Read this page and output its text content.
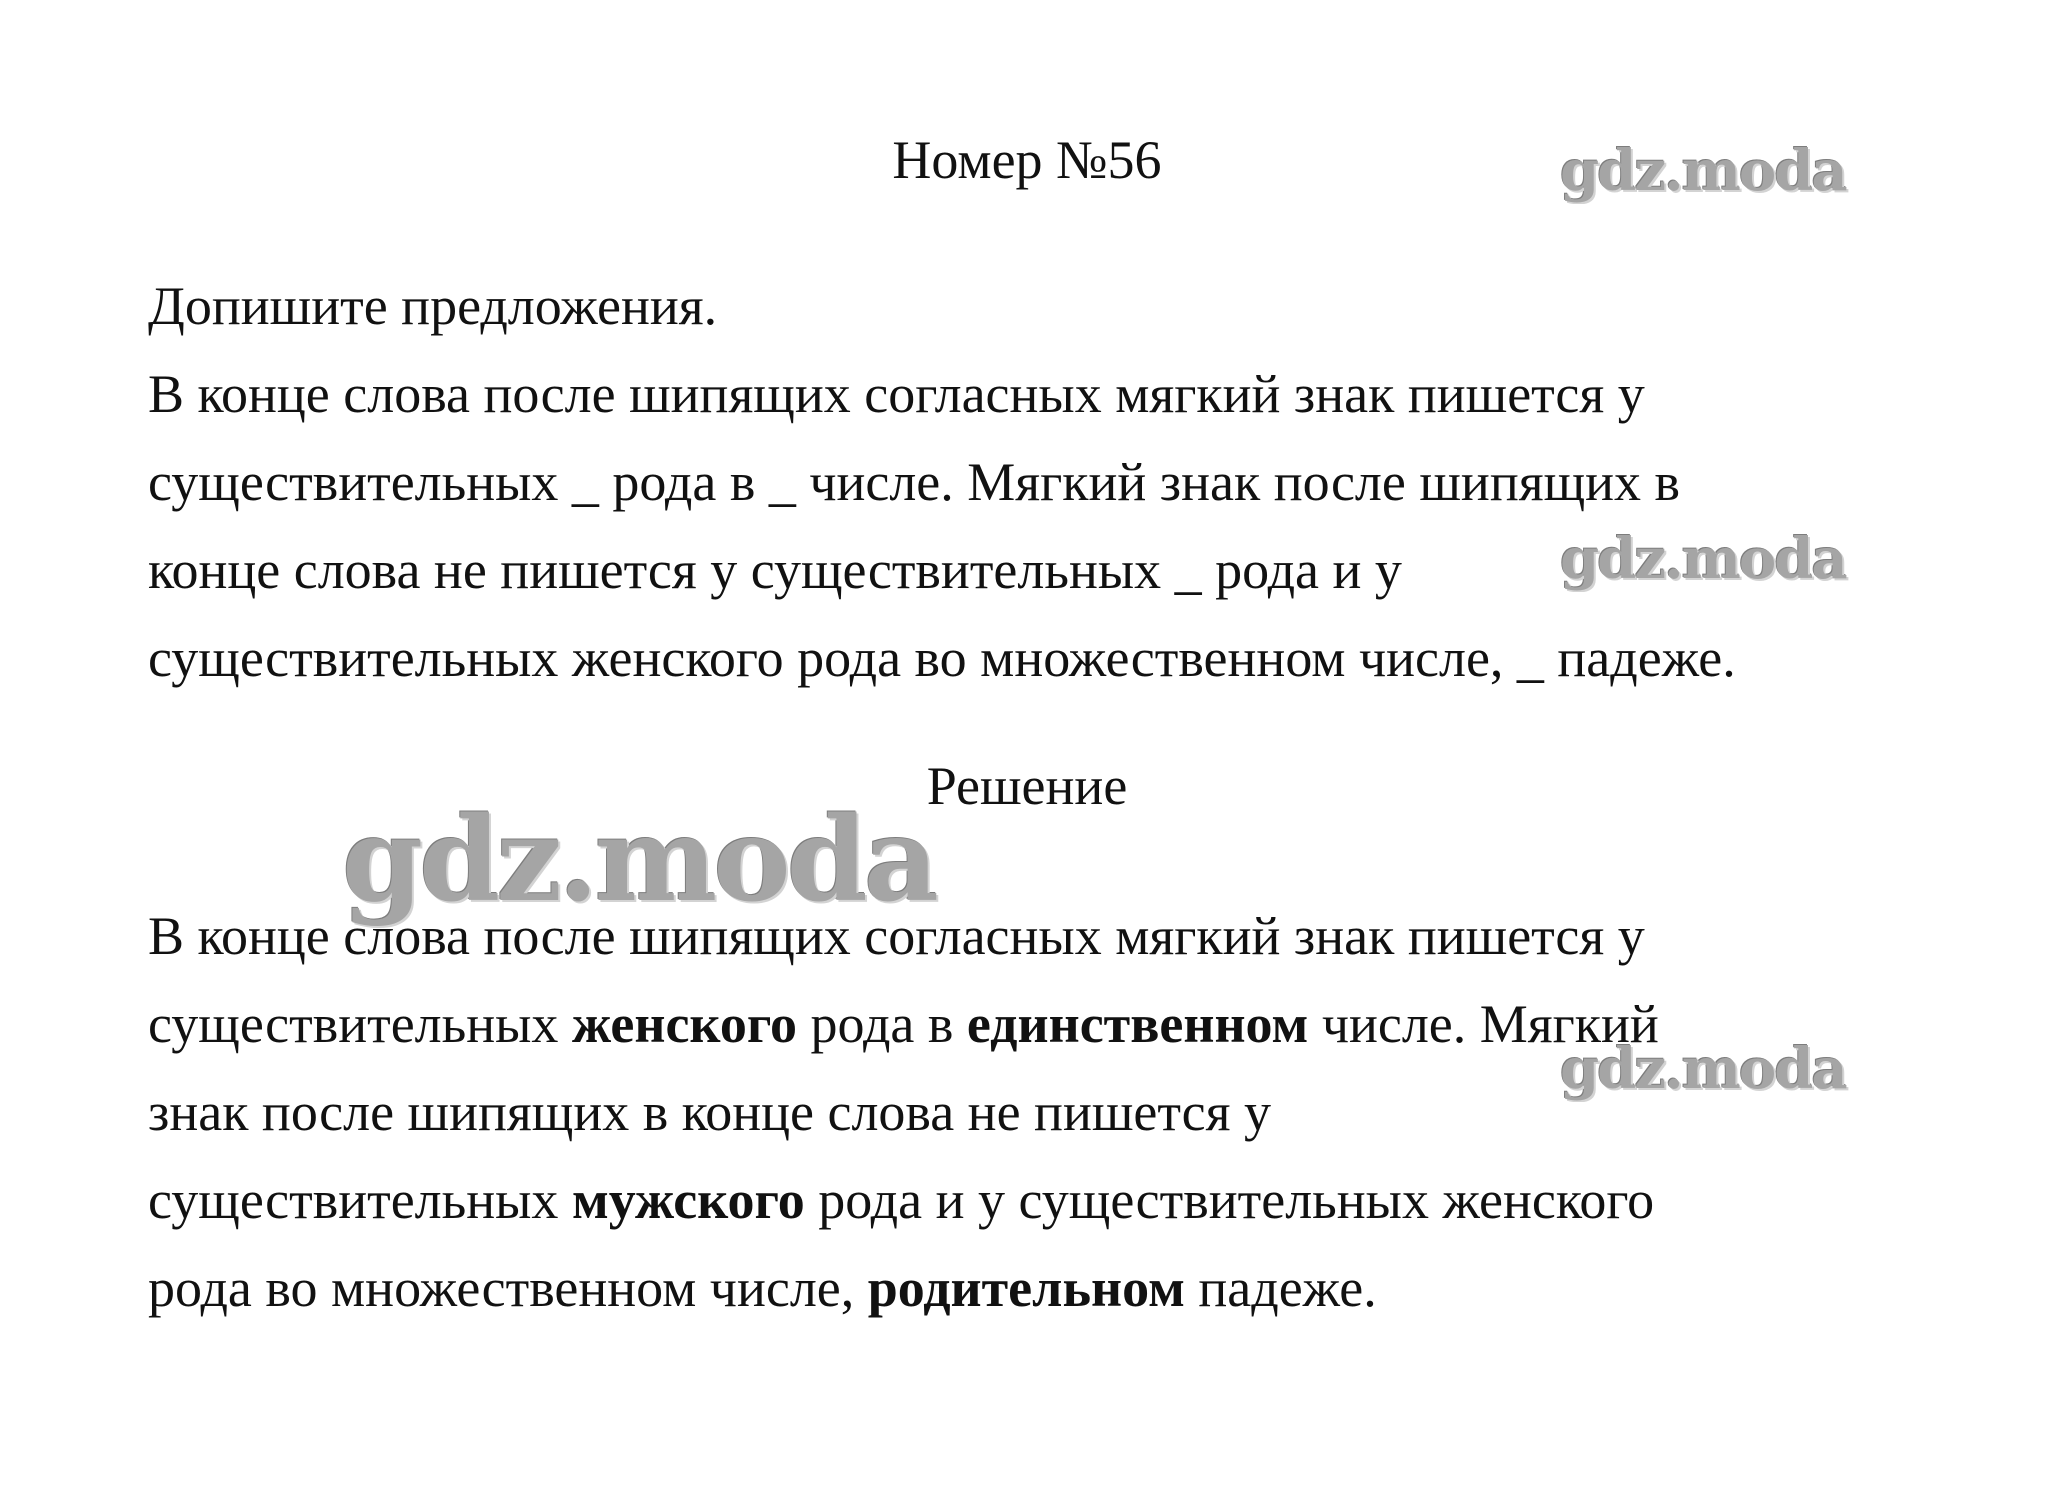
Номер №56
Допишите предложения.
В конце слова после шипящих согласных мягкий знак пишется у
существительных _ рода в _ числе. Мягкий знак после шипящих в
конце слова не пишется у существительных _ рода и у
существительных женского рода во множественном числе, _ падеже.
Решение
В конце слова после шипящих согласных мягкий знак пишется у
существительных женского рода в единственном числе. Мягкий
знак после шипящих в конце слова не пишется у
существительных мужского рода и у существительных женского
рода во множественном числе, родительном падеже.
gdz.moda
gdz.moda
gdz.moda
gdz.moda
